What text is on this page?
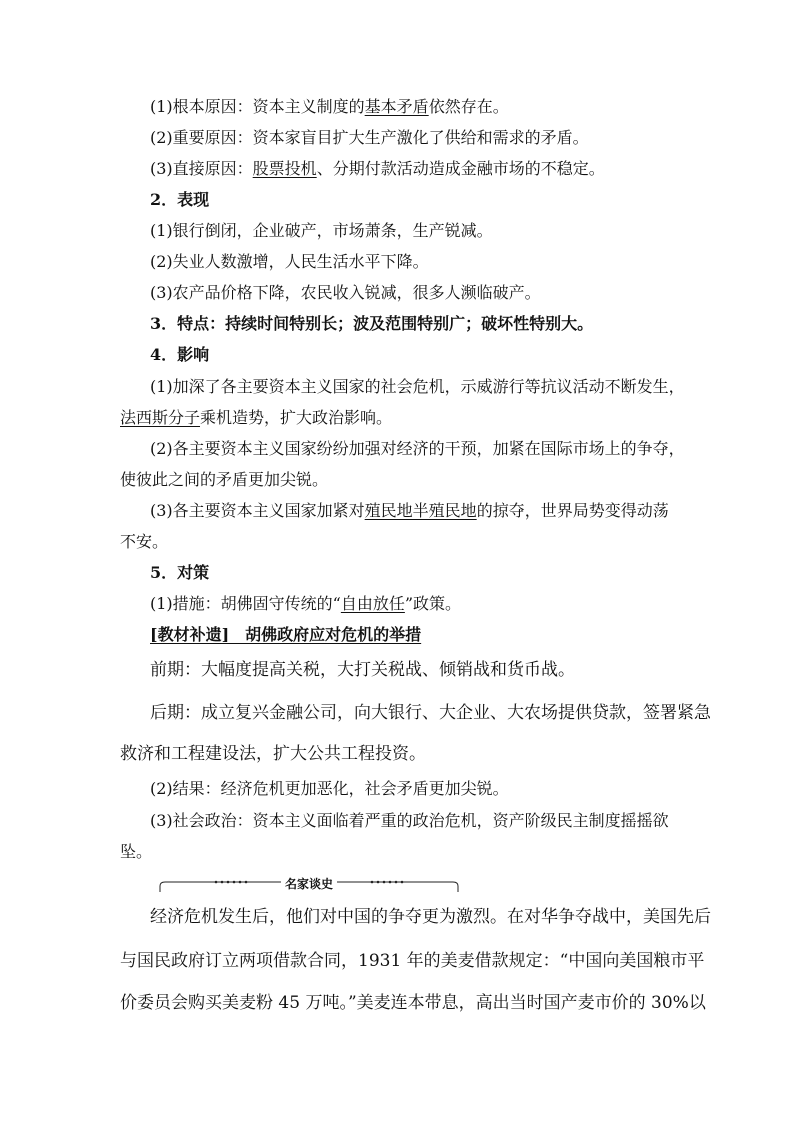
(1)根本原因：资本主义制度的基本矛盾依然存在。
(2)重要原因：资本家盲目扩大生产激化了供给和需求的矛盾。
(3)直接原因：股票投机、分期付款活动造成金融市场的不稳定。
2．表现
(1)银行倒闭，企业破产，市场萧条，生产锐减。
(2)失业人数激增，人民生活水平下降。
(3)农产品价格下降，农民收入锐减，很多人濒临破产。
3．特点：持续时间特别长；波及范围特别广；破坏性特别大。
4．影响
(1)加深了各主要资本主义国家的社会危机，示威游行等抗议活动不断发生，
法西斯分子乘机造势，扩大政治影响。
(2)各主要资本主义国家纷纷加强对经济的干预，加紧在国际市场上的争夺，
使彼此之间的矛盾更加尖锐。
(3)各主要资本主义国家加紧对殖民地半殖民地的掠夺，世界局势变得动荡
不安。
5．对策
(1)措施：胡佛固守传统的“自由放任”政策。
[教材补遗]　胡佛政府应对危机的举措
前期：大幅度提高关税，大打关税战、倾销战和货币战。
后期：成立复兴金融公司，向大银行、大企业、大农场提供贷款，签署紧急
救济和工程建设法，扩大公共工程投资。
(2)结果：经济危机更加恶化，社会矛盾更加尖锐。
(3)社会政治：资本主义面临着严重的政治危机，资产阶级民主制度摇摇欲
坠。
名家谈史
经济危机发生后，他们对中国的争夺更为激烈。在对华争夺战中，美国先后
与国民政府订立两项借款合同，1931 年的美麦借款规定：“中国向美国粮市平
价委员会购买美麦粉 45 万吨。”美麦连本带息，高出当时国产麦市价的 30%以
